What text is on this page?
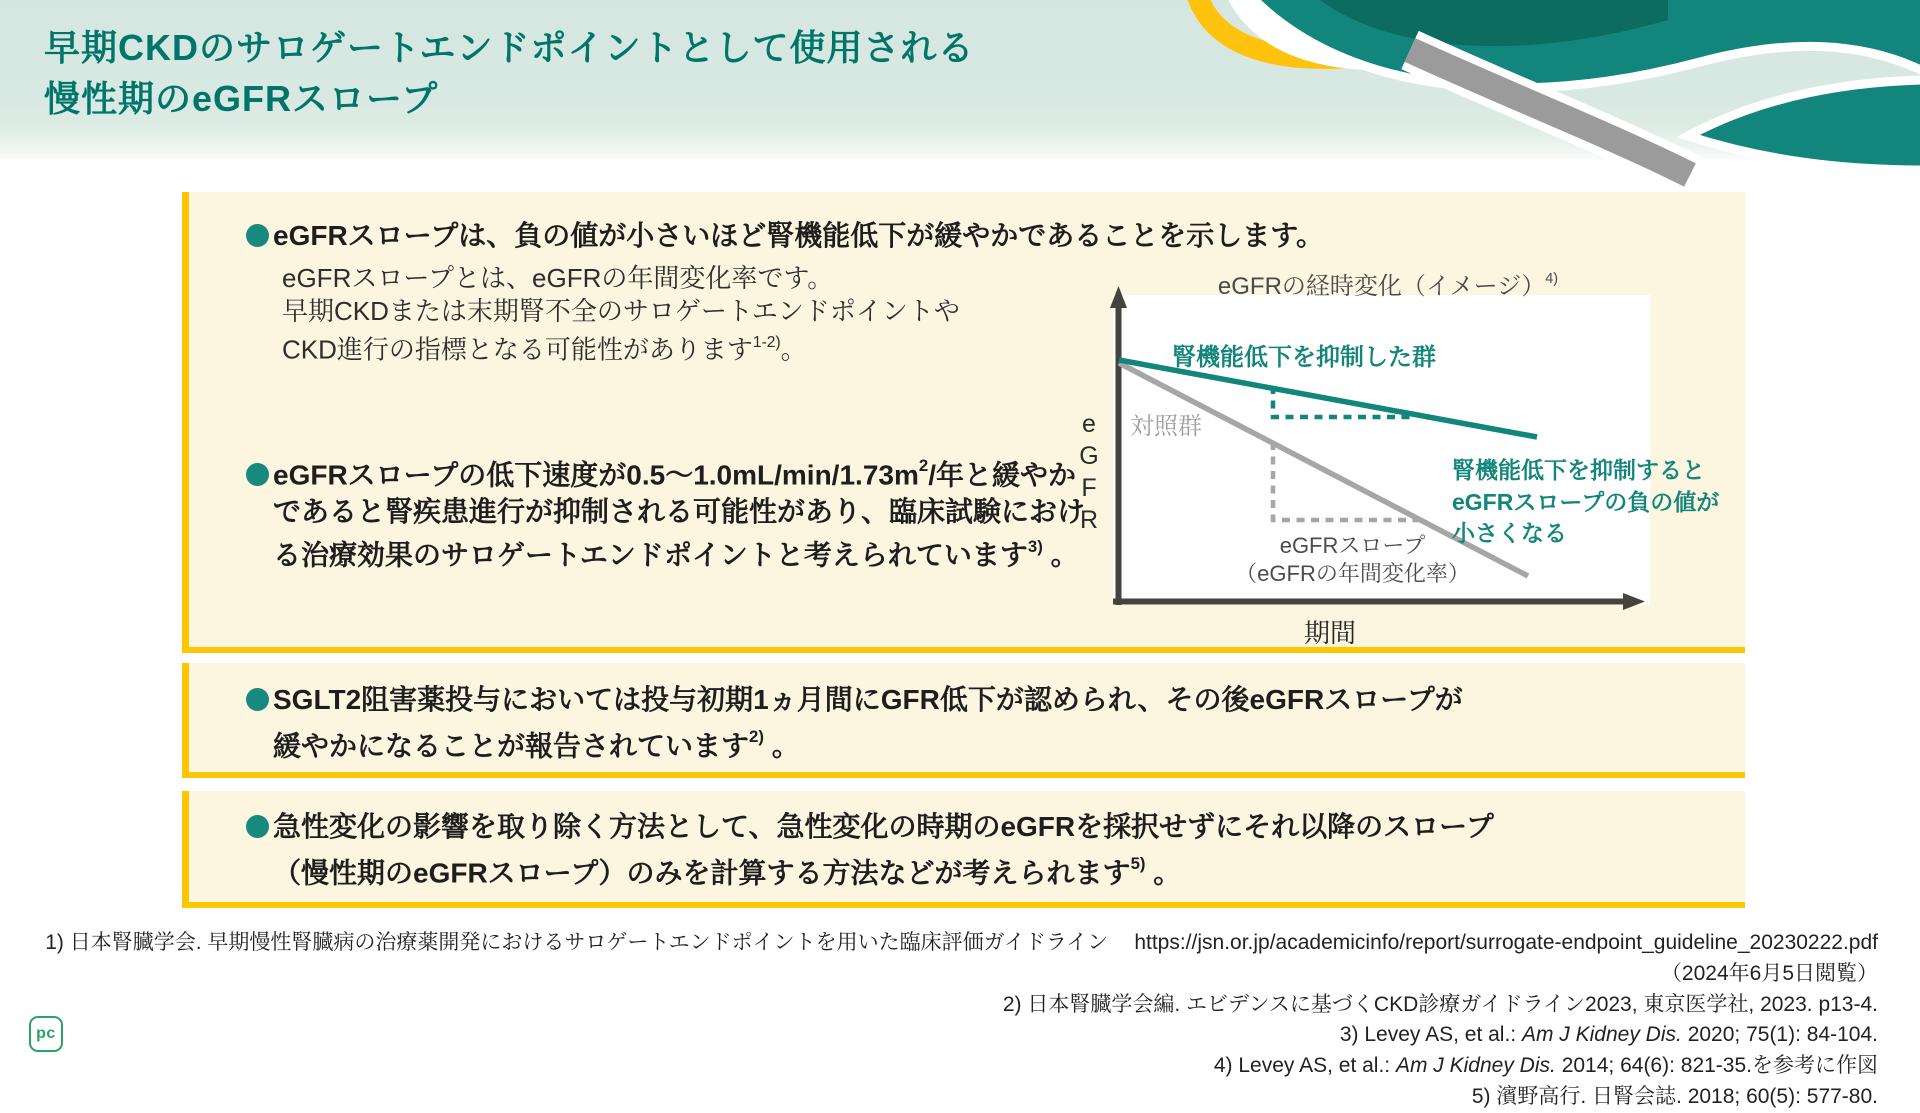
早期CKDのサロゲートエンドポイントとして使用される
慢性期のeGFRスロープ
eGFRスロープは、負の値が小さいほど腎機能低下が緩やかであることを示します。
eGFRスロープとは、eGFRの年間変化率です。
早期CKDまたは末期腎不全のサロゲートエンドポイントや
CKD進行の指標となる可能性があります$^{1-2)}$。
eGFRスロープの低下速度が$0.5\sim 1.0mL/\min/1.73m^2/$年と緩やか
であると腎疾患進行が抑制される可能性があり、臨床試験におけ
る治療効果のサロゲートエンドポイントと考えられています$^{3)}$ 。
eGFRの経時変化（イメージ）$^{4)}$
腎機能低下を抑制した群
対照群
eGFR	腎機能低下を抑制すると
eGFRスロープの負の値が
小さくなる
eGFRスロープ
（eGFRの年間変化率）
期間
SGLT2阻害薬投与においては投与初期1ヵ月間にGFR低下が認められ、その後eGFRスロープが
緩やかになることが報告されています$^{2)}$ 。
急性変化の影響を取り除く方法として、急性変化の時期のeGFRを採択せずにそれ以降のスロープ
（慢性期のeGFRスロープ）のみを計算する方法などが考えられます$^{5)}$ 。
1) 日本腎臓学会. 早期慢性腎臓病の治療薬開発におけるサロゲートエンドポイントを用いた臨床評価ガイドライン https://jsn.or.jp/academicinfo/report/surrogate-endpoint_guideline_20230222.pdf（2024年6月5日閲覧）
2) 日本腎臓学会編. エビデンスに基づくCKD診療ガイドライン2023, 東京医学社, 2023. p13-4.
3) Levey AS, et al.: Am J Kidney Dis. 2020; 75(1): 84-104.
4) Levey AS, et al.: Am J Kidney Dis. 2014; 64(6): 821-35.を参考に作図
5) 濱野高行. 日腎会誌. 2018; 60(5): 577-80.
pc
